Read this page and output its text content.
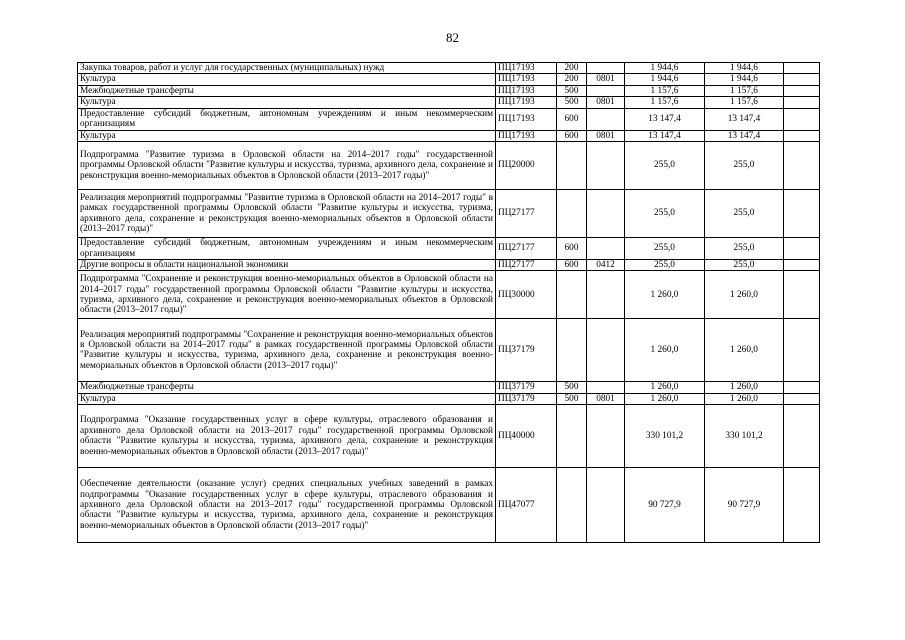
82
Закупка товаров, работ и услуг для государственных (муниципальных) нужд	ПЦ17193	200		1 944,6	1 944,6	
Культура	ПЦ17193	200	0801	1 944,6	1 944,6	
Межбюджетные трансферты	ПЦ17193	500		1 157,6	1 157,6	
Культура	ПЦ17193	500	0801	1 157,6	1 157,6	
Предоставление субсидий бюджетным, автономным учреждениям и иным некоммерческим организациям	ПЦ17193	600		13 147,4	13 147,4	
Культура	ПЦ17193	600	0801	13 147,4	13 147,4	
Подпрограмма "Развитие туризма в Орловской области на 2014–2017 годы" государственной программы Орловской области "Развитие культуры и искусства, туризма, архивного дела, сохранение и реконструкция военно-мемориальных объектов в Орловской области (2013–2017 годы)"	ПЦ20000			255,0	255,0	
Реализация мероприятий подпрограммы "Развитие туризма в Орловской области на 2014–2017 годы" в рамках государственной программы Орловской области "Развитие культуры и искусства, туризма, архивного дела, сохранение и реконструкция военно-мемориальных объектов в Орловской области (2013–2017 годы)"	ПЦ27177			255,0	255,0	
Предоставление субсидий бюджетным, автономным учреждениям и иным некоммерческим организациям	ПЦ27177	600		255,0	255,0	
Другие вопросы в области национальной экономики	ПЦ27177	600	0412	255,0	255,0	
Подпрограмма "Сохранение и реконструкция военно-мемориальных объектов в Орловской области на 2014–2017 годы" государственной программы Орловской области "Развитие культуры и искусства, туризма, архивного дела, сохранение и реконструкция военно-мемориальных объектов в Орловской области (2013–2017 годы)"	ПЦ30000			1 260,0	1 260,0	
Реализация мероприятий подпрограммы "Сохранение и реконструкция военно-мемориальных объектов в Орловской области на 2014–2017 годы" в рамках государственной программы Орловской области "Развитие культуры и искусства, туризма, архивного дела, сохранение и реконструкция военно-мемориальных объектов в Орловской области (2013–2017 годы)"	ПЦ37179			1 260,0	1 260,0	
Межбюджетные трансферты	ПЦ37179	500		1 260,0	1 260,0	
Культура	ПЦ37179	500	0801	1 260,0	1 260,0	
Подпрограмма "Оказание государственных услуг в сфере культуры, отраслевого образования и архивного дела Орловской области на 2013–2017 годы" государственной программы Орловской области "Развитие культуры и искусства, туризма, архивного дела, сохранение и реконструкция военно-мемориальных объектов в Орловской области (2013–2017 годы)"	ПЦ40000			330 101,2	330 101,2	
Обеспечение деятельности (оказание услуг) средних специальных учебных заведений в рамках подпрограммы "Оказание государственных услуг в сфере культуры, отраслевого образования и архивного дела Орловской области на 2013–2017 годы" государственной программы Орловской области "Развитие культуры и искусства, туризма, архивного дела, сохранение и реконструкция военно-мемориальных объектов в Орловской области (2013–2017 годы)"	ПЦ47077			90 727,9	90 727,9	
